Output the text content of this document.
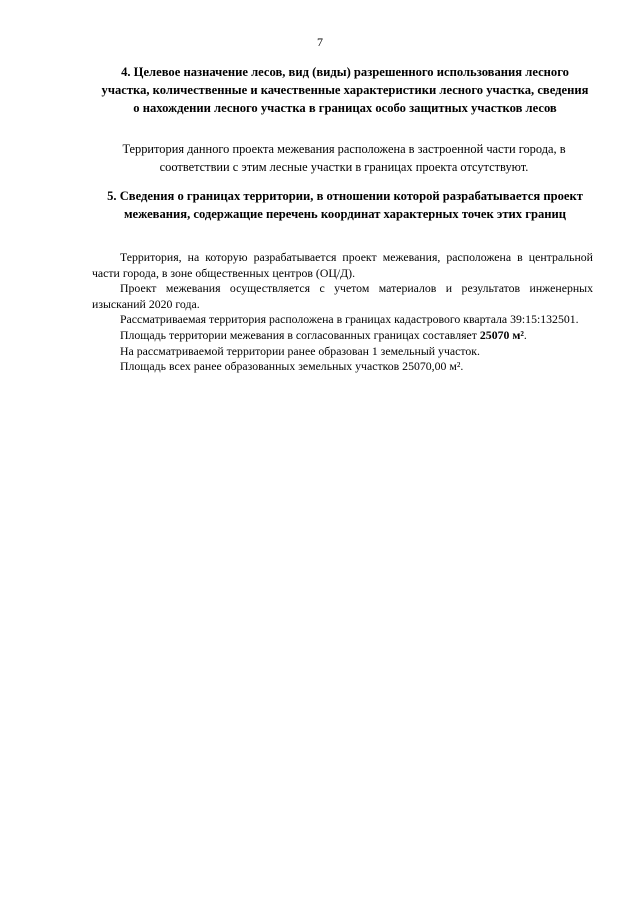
7
4. Целевое назначение лесов, вид (виды) разрешенного использования лесного участка, количественные и качественные характеристики лесного участка, сведения о нахождении лесного участка в границах особо защитных участков лесов
Территория данного проекта межевания расположена в застроенной части города, в соответствии с этим лесные участки в границах проекта отсутствуют.
5. Сведения о границах территории, в отношении которой разрабатывается проект межевания, содержащие перечень координат характерных точек этих границ

Территория, на которую разрабатывается проект межевания, расположена в центральной части города, в зоне общественных центров (ОЦ/Д).

Проект межевания осуществляется с учетом материалов и результатов инженерных изысканий 2020 года.

Рассматриваемая территория расположена в границах кадастрового квартала 39:15:132501.

Площадь территории межевания в согласованных границах составляет 25070 м².

На рассматриваемой территории ранее образован 1 земельный участок.

Площадь всех ранее образованных земельных участков 25070,00 м².
